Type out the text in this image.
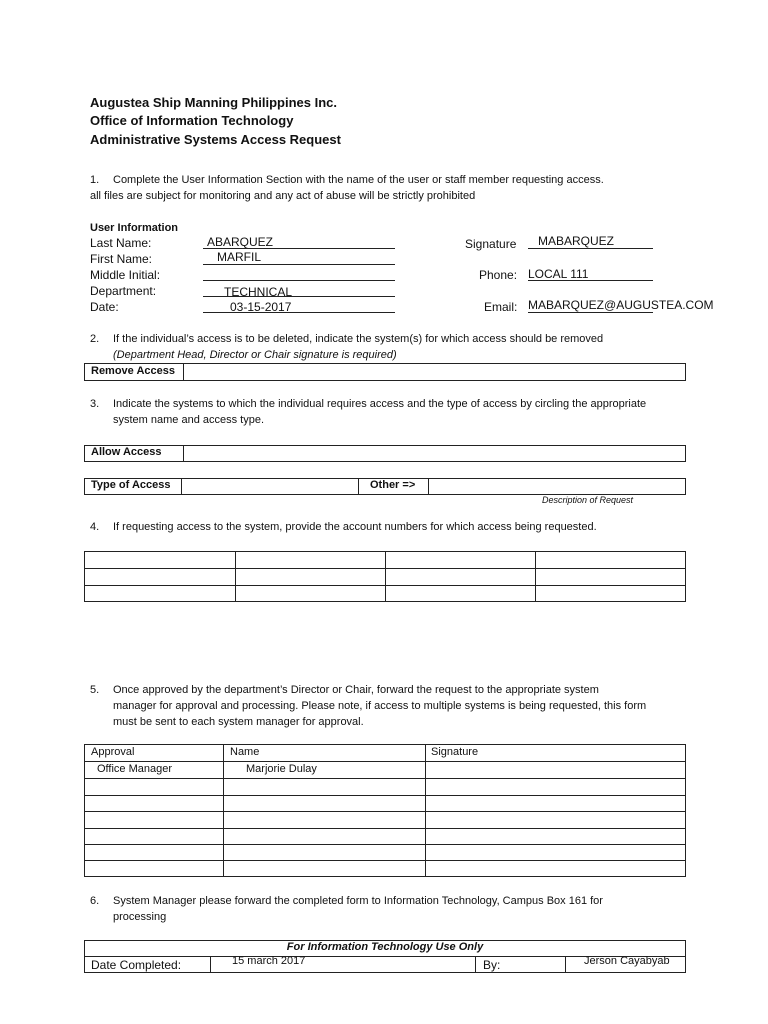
Augustea Ship Manning Philippines Inc.
Office of Information Technology
Administrative Systems Access Request
1. Complete the User Information Section with the name of the user or staff member requesting access.
all files are subject for monitoring and any act of abuse will be strictly prohibited
User Information
Last Name:	ABARQUEZ
First Name:	MARFIL
Middle Initial:
Department:	TECHNICAL
Date:	03-15-2017
Signature MABARQUEZ
Phone: LOCAL 111
Email: MABARQUEZ@AUGUSTEA.COM
2. If the individual’s access is to be deleted, indicate the system(s) for which access should be removed
(Department Head, Director or Chair signature is required)
Remove Access
3. Indicate the systems to which the individual requires access and the type of access by circling the appropriate
system name and access type.
Allow Access
Type of Access	Other =>
Description of Request
4. If requesting access to the system, provide the account numbers for which access being requested.
5. Once approved by the department’s Director or Chair, forward the request to the appropriate system
manager for approval and processing. Please note, if access to multiple systems is being requested, this form
must be sent to each system manager for approval.
Approval	Name	Signature
Office Manager	Marjorie Dulay
6. System Manager please forward the completed form to Information Technology, Campus Box 161 for
processing
For Information Technology Use Only
Date Completed:	15 march 2017	By:	Jerson Cayabyab
